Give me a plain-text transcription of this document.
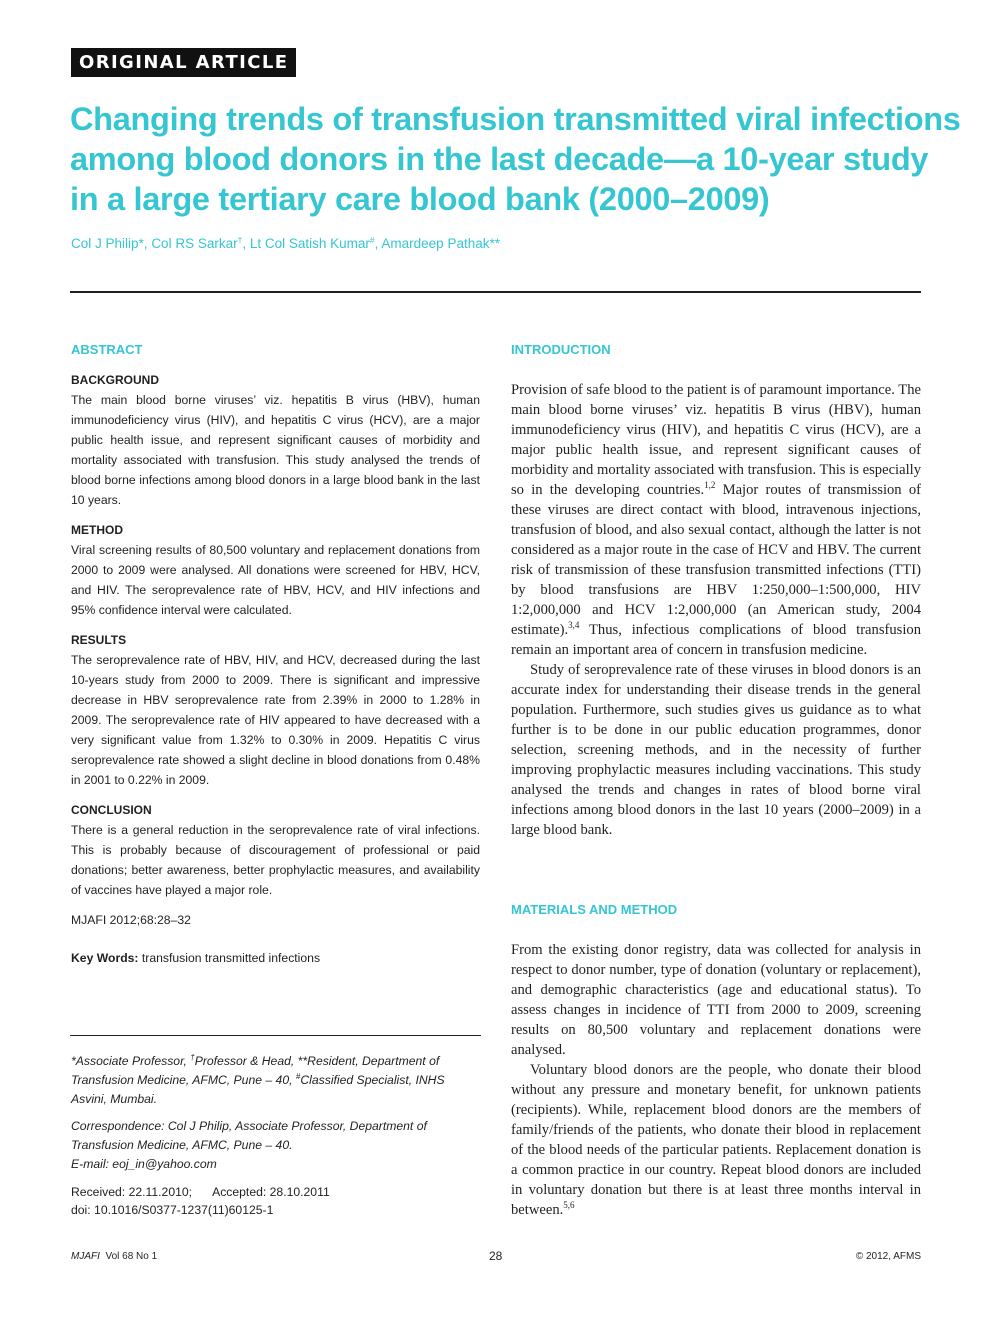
ORIGINAL ARTICLE
Changing trends of transfusion transmitted viral infections
among blood donors in the last decade—a 10-year study
in a large tertiary care blood bank (2000–2009)
Col J Philip*, Col RS Sarkar†, Lt Col Satish Kumar#, Amardeep Pathak**
ABSTRACT
BACKGROUND

The main blood borne viruses’ viz. hepatitis B virus (HBV), human immunodeficiency virus (HIV), and hepatitis C virus (HCV), are a major public health issue, and represent significant causes of morbidity and mortality associated with transfusion. This study analysed the trends of blood borne infections among blood donors in a large blood bank in the last 10 years.

METHOD

Viral screening results of 80,500 voluntary and replacement donations from 2000 to 2009 were analysed. All donations were screened for HBV, HCV, and HIV. The seroprevalence rate of HBV, HCV, and HIV infections and 95% confidence interval were calculated.

RESULTS

The seroprevalence rate of HBV, HIV, and HCV, decreased during the last 10-years study from 2000 to 2009. There is significant and impressive decrease in HBV seroprevalence rate from 2.39% in 2000 to 1.28% in 2009. The seroprevalence rate of HIV appeared to have decreased with a very significant value from 1.32% to 0.30% in 2009. Hepatitis C virus seroprevalence rate showed a slight decline in blood donations from 0.48% in 2001 to 0.22% in 2009.

CONCLUSION

There is a general reduction in the seroprevalence rate of viral infections. This is probably because of discouragement of professional or paid donations; better awareness, better prophylactic measures, and availability of vaccines have played a major role.

MJAFI 2012;68:28–32
Key Words: transfusion transmitted infections

*Associate Professor, †Professor & Head, **Resident, Department of Transfusion Medicine, AFMC, Pune – 40, #Classified Specialist, INHS Asvini, Mumbai.

Correspondence: Col J Philip, Associate Professor, Department of Transfusion Medicine, AFMC, Pune – 40.

E-mail: eoj_in@yahoo.com

Received: 22.11.2010; Accepted: 28.10.2011
doi: 10.1016/S0377-1237(11)60125-1
INTRODUCTION

Provision of safe blood to the patient is of paramount importance. The main blood borne viruses’ viz. hepatitis B virus (HBV), human immunodeficiency virus (HIV), and hepatitis C virus (HCV), are a major public health issue, and represent significant causes of morbidity and mortality associated with transfusion. This is especially so in the developing countries.$^{1,2}$ Major routes of transmission of these viruses are direct contact with blood, intravenous injections, transfusion of blood, and also sexual contact, although the latter is not considered as a major route in the case of HCV and HBV. The current risk of transmission of these transfusion transmitted infections (TTI) by blood transfusions are HBV 1:250,000–1:500,000, HIV 1:2,000,000 and HCV 1:2,000,000 (an American study, 2004 estimate).$^{3,4}$ Thus, infectious complications of blood transfusion remain an important area of concern in transfusion medicine.

Study of seroprevalence rate of these viruses in blood donors is an accurate index for understanding their disease trends in the general population. Furthermore, such studies gives us guidance as to what further is to be done in our public education programmes, donor selection, screening methods, and in the necessity of further improving prophylactic measures including vaccinations. This study analysed the trends and changes in rates of blood borne viral infections among blood donors in the last 10 years (2000–2009) in a large blood bank.

MATERIALS AND METHOD

From the existing donor registry, data was collected for analysis in respect to donor number, type of donation (voluntary or replacement), and demographic characteristics (age and educational status). To assess changes in incidence of TTI from 2000 to 2009, screening results on 80,500 voluntary and replacement donations were analysed.

Voluntary blood donors are the people, who donate their blood without any pressure and monetary benefit, for unknown patients (recipients). While, replacement blood donors are the members of family/friends of the patients, who donate their blood in replacement of the blood needs of the particular patients. Replacement donation is a common practice in our country. Repeat blood donors are included in voluntary donation but there is at least three months interval in between.$^{5,6}$

MJAFI Vol 68 No 1	28	© 2012, AFMS
